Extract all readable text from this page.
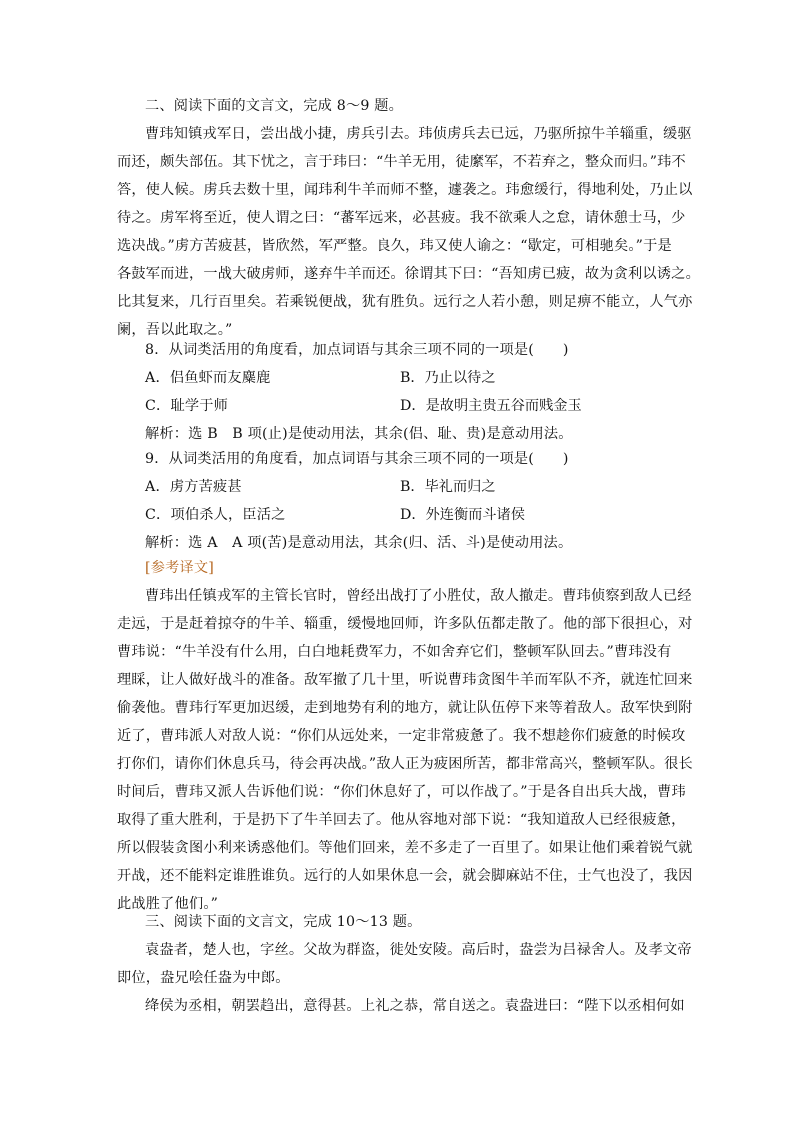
二、阅读下面的文言文，完成 8～9 题。
曹玮知镇戎军日，尝出战小捷，虏兵引去。玮侦虏兵去已远，乃驱所掠牛羊辎重，缓驱
而还，颇失部伍。其下忧之，言于玮曰：“牛羊无用，徒縻军，不若弃之，整众而归。”玮不
答，使人候。虏兵去数十里，闻玮利牛羊而师不整，遽袭之。玮愈缓行，得地利处，乃止以
待之。虏军将至近，使人谓之曰：“蕃军远来，必甚疲。我不欲乘人之怠，请休憩士马，少
选决战。”虏方苦疲甚，皆欣然，军严整。良久，玮又使人谕之：“歇定，可相驰矣。”于是
各鼓军而进，一战大破虏师，遂弃牛羊而还。徐谓其下曰：“吾知虏已疲，故为贪利以诱之。
比其复来，几行百里矣。若乘锐便战，犹有胜负。远行之人若小憩，则足痹不能立，人气亦
阑，吾以此取之。”
8．从词类活用的角度看，加点词语与其余三项不同的一项是(　　)
A．侣鱼虾而友麋鹿	B．乃止以待之
C．耻学于师	D．是故明主贵五谷而贱金玉
解析：选 B　B 项(止)是使动用法，其余(侣、耻、贵)是意动用法。
9．从词类活用的角度看，加点词语与其余三项不同的一项是(　　)
A．虏方苦疲甚	B．毕礼而归之
C．项伯杀人，臣活之	D．外连衡而斗诸侯
解析：选 A　A 项(苦)是意动用法，其余(归、活、斗)是使动用法。
[参考译文]
曹玮出任镇戎军的主管长官时，曾经出战打了小胜仗，敌人撤走。曹玮侦察到敌人已经
走远，于是赶着掠夺的牛羊、辎重，缓慢地回师，许多队伍都走散了。他的部下很担心，对
曹玮说：“牛羊没有什么用，白白地耗费军力，不如舍弃它们，整顿军队回去。”曹玮没有
理睬，让人做好战斗的准备。敌军撤了几十里，听说曹玮贪图牛羊而军队不齐，就连忙回来
偷袭他。曹玮行军更加迟缓，走到地势有利的地方，就让队伍停下来等着敌人。敌军快到附
近了，曹玮派人对敌人说：“你们从远处来，一定非常疲惫了。我不想趁你们疲惫的时候攻
打你们，请你们休息兵马，待会再决战。”敌人正为疲困所苦，都非常高兴，整顿军队。很长
时间后，曹玮又派人告诉他们说：“你们休息好了，可以作战了。”于是各自出兵大战，曹玮
取得了重大胜利，于是扔下了牛羊回去了。他从容地对部下说：“我知道敌人已经很疲惫，
所以假装贪图小利来诱惑他们。等他们回来，差不多走了一百里了。如果让他们乘着锐气就
开战，还不能料定谁胜谁负。远行的人如果休息一会，就会脚麻站不住，士气也没了，我因
此战胜了他们。”
三、阅读下面的文言文，完成 10～13 题。
袁盎者，楚人也，字丝。父故为群盗，徙处安陵。高后时，盎尝为吕禄舍人。及孝文帝
即位，盎兄哙任盎为中郎。
绛侯为丞相，朝罢趋出，意得甚。上礼之恭，常自送之。袁盎进曰：“陛下以丞相何如
